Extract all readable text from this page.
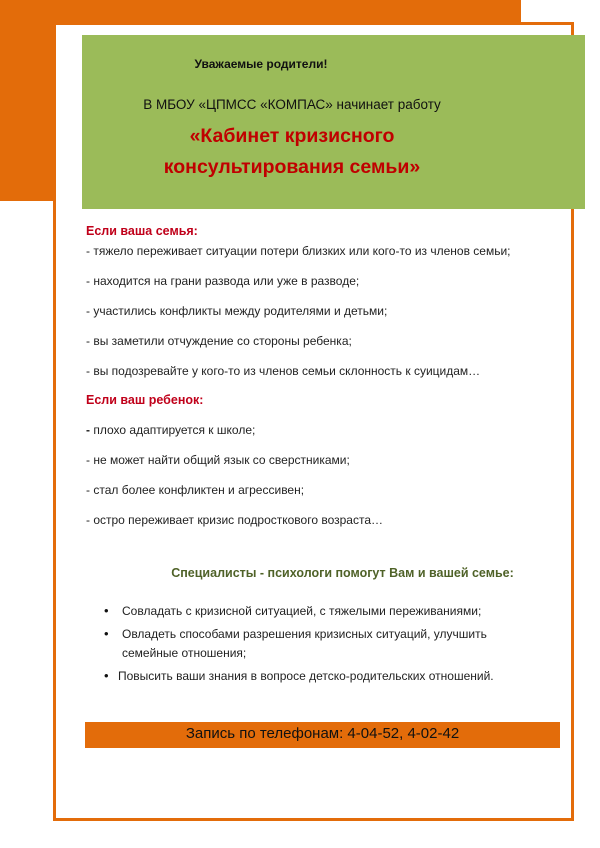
Уважаемые родители!
В МБОУ «ЦПМСС «КОМПАС» начинает работу
«Кабинет кризисного
консультирования семьи»
Если ваша семья:
- тяжело переживает ситуации потери близких или кого-то из членов семьи;
- находится на грани развода или уже в разводе;
- участились конфликты между родителями и детьми;
- вы заметили отчуждение со стороны ребенка;
- вы подозревайте у кого-то из членов семьи склонность к суицидам…
Если ваш ребенок:
- плохо адаптируется к школе;
- не может найти общий язык со сверстниками;
- стал более конфликтен и агрессивен;
- остро переживает кризис подросткового возраста…
Специалисты - психологи помогут Вам и вашей семье:
• Совладать с кризисной ситуацией, с тяжелыми переживаниями;
• Овладеть способами разрешения кризисных ситуаций, улучшить
семейные отношения;
• Повысить ваши знания в вопросе детско-родительских отношений.
Запись по телефонам: 4-04-52, 4-02-42
